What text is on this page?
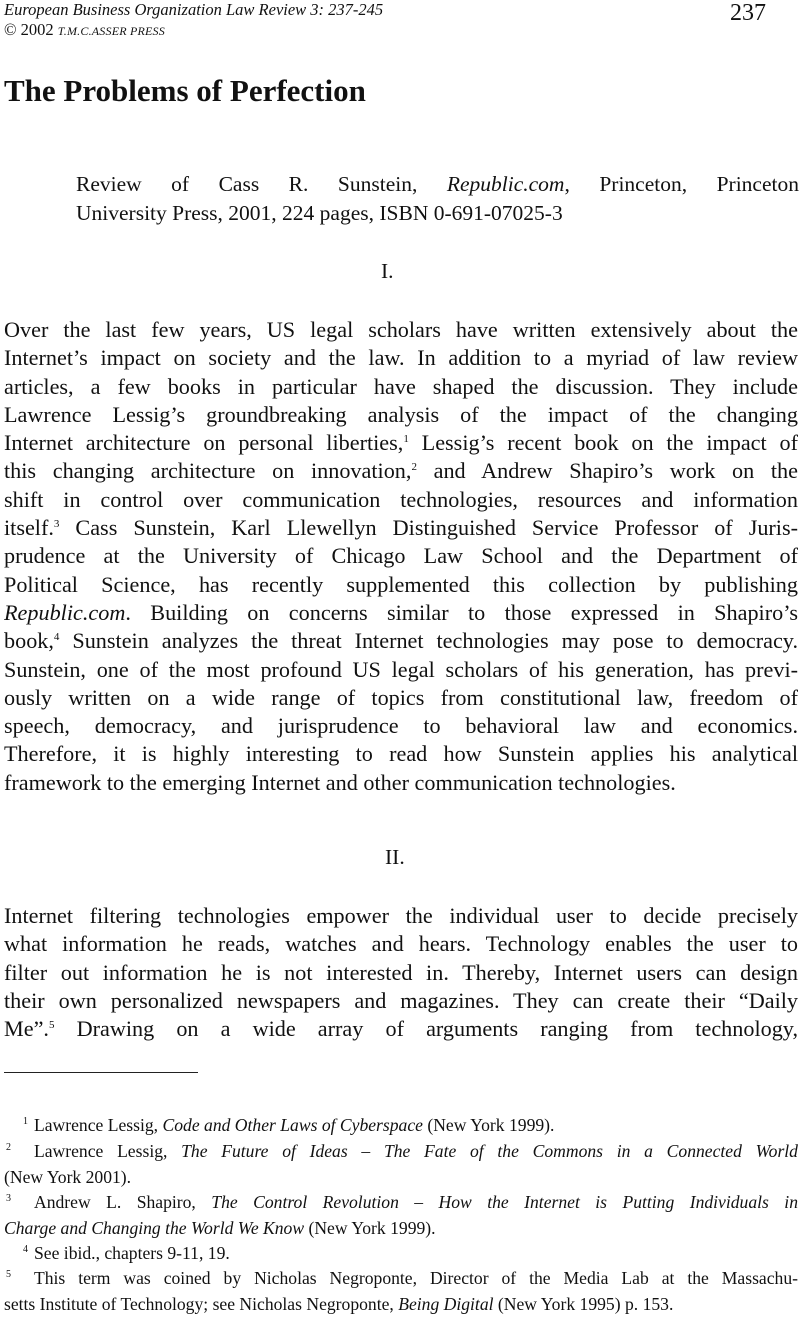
European Business Organization Law Review 3: 237-245
© 2002 T.M.C.ASSER PRESS
237
The Problems of Perfection
Review of Cass R. Sunstein, Republic.com, Princeton, Princeton
University Press, 2001, 224 pages, ISBN 0-691-07025-3
I.
Over the last few years, US legal scholars have written extensively about the
Internet’s impact on society and the law. In addition to a myriad of law review
articles, a few books in particular have shaped the discussion. They include
Lawrence Lessig’s groundbreaking analysis of the impact of the changing
Internet architecture on personal liberties,$^1$ Lessig’s recent book on the impact of
this changing architecture on innovation,$^2$ and Andrew Shapiro’s work on the
shift in control over communication technologies, resources and information
itself.$^3$ Cass Sunstein, Karl Llewellyn Distinguished Service Professor of Juris-
prudence at the University of Chicago Law School and the Department of
Political Science, has recently supplemented this collection by publishing
Republic.com. Building on concerns similar to those expressed in Shapiro’s
book,$^4$ Sunstein analyzes the threat Internet technologies may pose to democracy.
Sunstein, one of the most profound US legal scholars of his generation, has previ-
ously written on a wide range of topics from constitutional law, freedom of
speech, democracy, and jurisprudence to behavioral law and economics.
Therefore, it is highly interesting to read how Sunstein applies his analytical
framework to the emerging Internet and other communication technologies.
II.
Internet filtering technologies empower the individual user to decide precisely
what information he reads, watches and hears. Technology enables the user to
filter out information he is not interested in. Thereby, Internet users can design
their own personalized newspapers and magazines. They can create their “Daily
Me”.$^5$ Drawing on a wide array of arguments ranging from technology,
1 Lawrence Lessig, Code and Other Laws of Cyberspace (New York 1999).
2 Lawrence Lessig, The Future of Ideas – The Fate of the Commons in a Connected World
(New York 2001).
3 Andrew L. Shapiro, The Control Revolution – How the Internet is Putting Individuals in
Charge and Changing the World We Know (New York 1999).
4 See ibid., chapters 9-11, 19.
5 This term was coined by Nicholas Negroponte, Director of the Media Lab at the Massachu-
setts Institute of Technology; see Nicholas Negroponte, Being Digital (New York 1995) p. 153.
